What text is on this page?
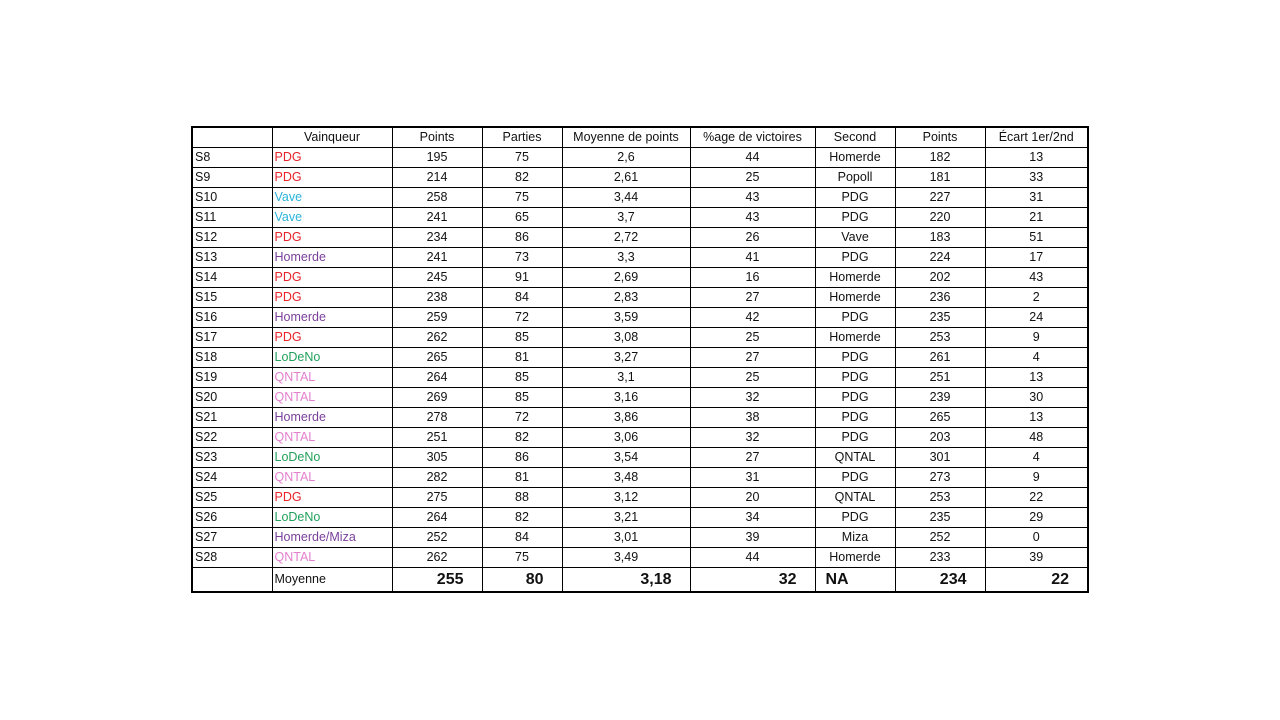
	Vainqueur	Points	Parties	Moyenne de points	%age de victoires	Second	Points	Écart 1er/2nd
S8	PDG	195	75	2,6	44	Homerde	182	13
S9	PDG	214	82	2,61	25	Popoll	181	33
S10	Vave	258	75	3,44	43	PDG	227	31
S11	Vave	241	65	3,7	43	PDG	220	21
S12	PDG	234	86	2,72	26	Vave	183	51
S13	Homerde	241	73	3,3	41	PDG	224	17
S14	PDG	245	91	2,69	16	Homerde	202	43
S15	PDG	238	84	2,83	27	Homerde	236	2
S16	Homerde	259	72	3,59	42	PDG	235	24
S17	PDG	262	85	3,08	25	Homerde	253	9
S18	LoDeNo	265	81	3,27	27	PDG	261	4
S19	QNTAL	264	85	3,1	25	PDG	251	13
S20	QNTAL	269	85	3,16	32	PDG	239	30
S21	Homerde	278	72	3,86	38	PDG	265	13
S22	QNTAL	251	82	3,06	32	PDG	203	48
S23	LoDeNo	305	86	3,54	27	QNTAL	301	4
S24	QNTAL	282	81	3,48	31	PDG	273	9
S25	PDG	275	88	3,12	20	QNTAL	253	22
S26	LoDeNo	264	82	3,21	34	PDG	235	29
S27	Homerde/Miza	252	84	3,01	39	Miza	252	0
S28	QNTAL	262	75	3,49	44	Homerde	233	39
	Moyenne	255	80	3,18	32	NA	234	22
